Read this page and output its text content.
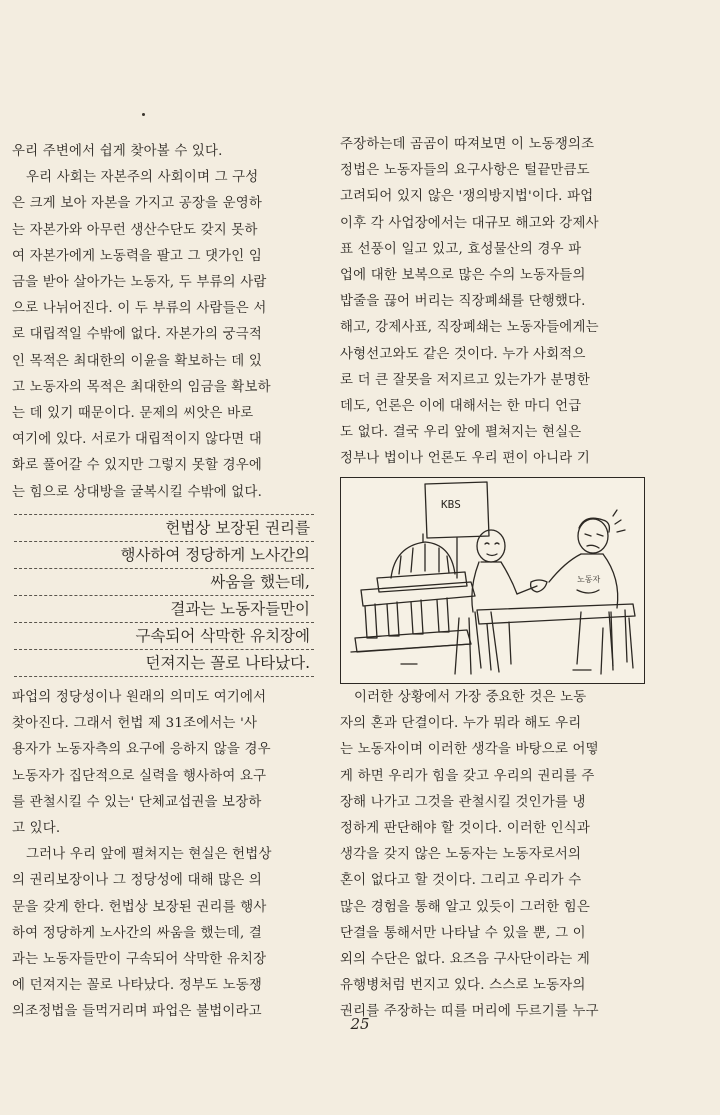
우리 주변에서 쉽게 찾아볼 수 있다.
우리 사회는 자본주의 사회이며 그 구성
은 크게 보아 자본을 가지고 공장을 운영하
는 자본가와 아무런 생산수단도 갖지 못하
여 자본가에게 노동력을 팔고 그 댓가인 임
금을 받아 살아가는 노동자, 두 부류의 사람
으로 나뉘어진다. 이 두 부류의 사람들은 서
로 대립적일 수밖에 없다. 자본가의 궁극적
인 목적은 최대한의 이윤을 확보하는 데 있
고 노동자의 목적은 최대한의 임금을 확보하
는 데 있기 때문이다. 문제의 씨앗은 바로
여기에 있다. 서로가 대립적이지 않다면 대
화로 풀어갈 수 있지만 그렇지 못할 경우에
는 힘으로 상대방을 굴복시킬 수밖에 없다.
헌법상 보장된 권리를
행사하여 정당하게 노사간의
싸움을 했는데,
결과는 노동자들만이
구속되어 삭막한 유치장에
던져지는 꼴로 나타났다.
파업의 정당성이나 원래의 의미도 여기에서
찾아진다. 그래서 헌법 제 31조에서는 '사
용자가 노동자측의 요구에 응하지 않을 경우
노동자가 집단적으로 실력을 행사하여 요구
를 관철시킬 수 있는' 단체교섭권을 보장하
고 있다.
그러나 우리 앞에 펼쳐지는 현실은 헌법상
의 권리보장이나 그 정당성에 대해 많은 의
문을 갖게 한다. 헌법상 보장된 권리를 행사
하여 정당하게 노사간의 싸움을 했는데, 결
과는 노동자들만이 구속되어 삭막한 유치장
에 던져지는 꼴로 나타났다. 정부도 노동쟁
의조정법을 들먹거리며 파업은 불법이라고
주장하는데 곰곰이 따져보면 이 노동쟁의조
정법은 노동자들의 요구사항은 털끝만큼도
고려되어 있지 않은 '쟁의방지법'이다. 파업
이후 각 사업장에서는 대규모 해고와 강제사
표 선풍이 일고 있고, 효성물산의 경우 파
업에 대한 보복으로 많은 수의 노동자들의
밥줄을 끊어 버리는 직장폐쇄를 단행했다.
해고, 강제사표, 직장폐쇄는 노동자들에게는
사형선고와도 같은 것이다. 누가 사회적으
로 더 큰 잘못을 저지르고 있는가가 분명한
데도, 언론은 이에 대해서는 한 마디 언급
도 없다. 결국 우리 앞에 펼쳐지는 현실은
정부나 법이나 언론도 우리 편이 아니라 기
KBS
노동자
이러한 상황에서 가장 중요한 것은 노동
자의 혼과 단결이다. 누가 뭐라 해도 우리
는 노동자이며 이러한 생각을 바탕으로 어떻
게 하면 우리가 힘을 갖고 우리의 권리를 주
장해 나가고 그것을 관철시킬 것인가를 냉
정하게 판단해야 할 것이다. 이러한 인식과
생각을 갖지 않은 노동자는 노동자로서의
혼이 없다고 할 것이다. 그리고 우리가 수
많은 경험을 통해 알고 있듯이 그러한 힘은
단결을 통해서만 나타날 수 있을 뿐, 그 이
외의 수단은 없다. 요즈음 구사단이라는 게
유행병처럼 번지고 있다. 스스로 노동자의
권리를 주장하는 띠를 머리에 두르기를 누구
25
